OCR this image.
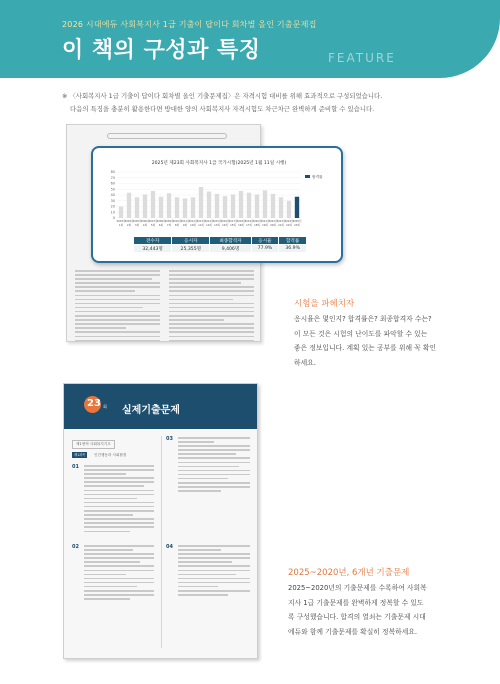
2026 시대에듀 사회복지사 1급 기출이 답이다 회차별 올인 기출문제집
이 책의 구성과 특징	FEATURE

※ 〈사회복지사 1급 기출이 답이다 회차별 올인 기출문제집〉은 자격시험 대비를 위해 효과적으로 구성되었습니다.

다음의 특징을 충분히 활용한다면 방대한 양의 사회복지사 자격시험도 차근차근 완벽하게 준비할 수 있습니다.

2025년 제23회 사회복지사 1급 국가시험(2025년 1월 11일 시행)
2003년
1회
2004년
2회
2005년
3회
2006년
4회
2007년
5회
2008년
6회
2009년
7회
2010년
8회
2011년
9회
2012년
10회
2013년
11회
2014년
12회
2015년
13회
2016년
14회
2017년
15회
2018년
16회
2019년
17회
2020년
18회
2021년
19회
2022년
20회
2023년
21회
2024년
22회
2025년
23회
0
10
20
30
40
50
60
70
80
합격률
전수자	응시자	최종합격자	응시율	합격률
32,443명	25,355명	9,406명	77.9%	36.9%
시험을 파헤치자

응시율은 몇인지? 합격률은? 최종합격자 수는?

이 모든 것은 시험의 난이도를 파악할 수 있는

좋은 정보입니다. 계획 있는 공부를 위해 꼭 확인

하세요.

23 회 실제기출문제
제1영역 사회복지기초
제1과목	인간행동과 사회환경
01
02
03
04
2025~2020년, 6개년 기출문제

2025~2020년의 기출문제를 수록하여 사회복

지사 1급 기출문제를 완벽하게 정복할 수 있도

록 구성했습니다. 합격의 열쇠는 기출문제 시대

에듀와 함께 기출문제를 확실히 정복하세요.
